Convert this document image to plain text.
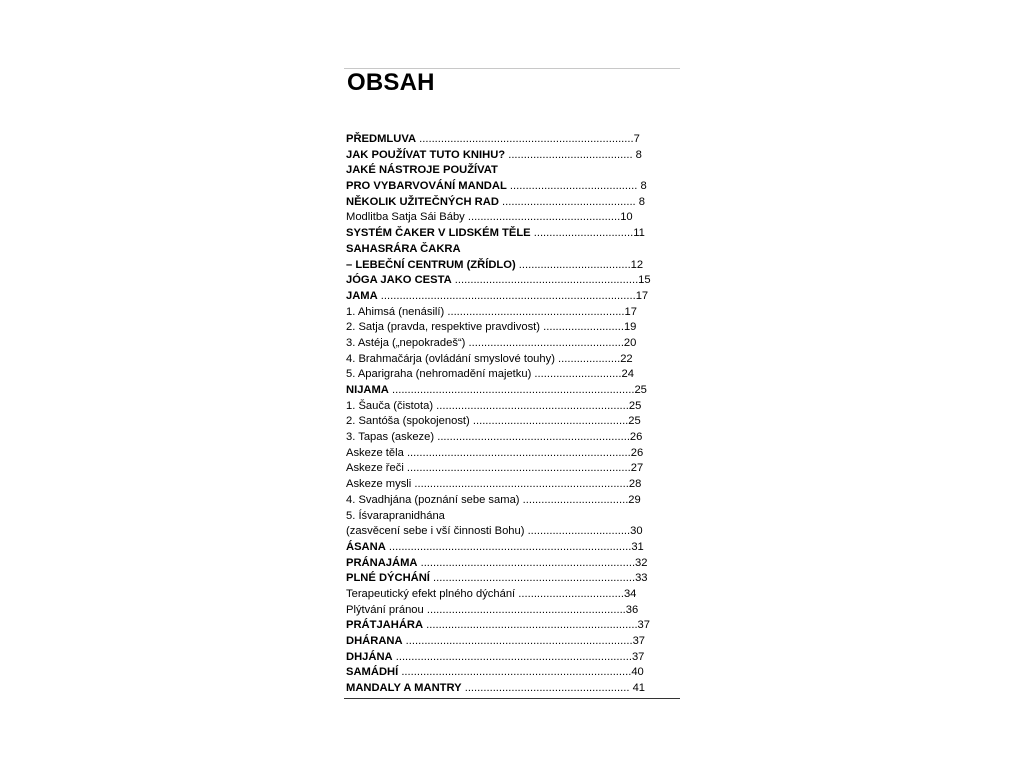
OBSAH
PŘEDMLUVA .....................................................................7
JAK POUŽÍVAT TUTO KNIHU? ........................................ 8
JAKÉ NÁSTROJE POUŽÍVAT
PRO VYBARVOVÁNÍ MANDAL ......................................... 8
NĚKOLIK UŽITEČNÝCH RAD ........................................... 8
Modlitba Satja Sái Báby .................................................10
SYSTÉM ČAKER V LIDSKÉM TĚLE ................................11
SAHASRÁRA ČAKRA
– LEBEČNÍ CENTRUM (ZŘÍDLO) ....................................12
JÓGA JAKO CESTA ...........................................................15
JAMA ..................................................................................17
1. Ahimsá (nenásilí) .........................................................17
2. Satja (pravda, respektive pravdivost) ..........................19
3. Astéja („nepokradeš“) ..................................................20
4. Brahmačárja (ovládání smyslové touhy) ....................22
5. Aparigraha (nehromadění majetku) ............................24
NIJAMA ..............................................................................25
1. Šauča (čistota) ..............................................................25
2. Santóša (spokojenost) ..................................................25
3. Tapas (askeze) ..............................................................26
Askeze těla ........................................................................26
Askeze řeči ........................................................................27
Askeze mysli .....................................................................28
4. Svadhjána (poznání sebe sama) ..................................29
5. Íśvarapranidhána
(zasvěcení sebe i vší činnosti Bohu) .................................30
ÁSANA ..............................................................................31
PRÁNAJÁMA .....................................................................32
PLNÉ DÝCHÁNÍ .................................................................33
Terapeutický efekt plného dýchání ..................................34
Plýtvání pránou ................................................................36
PRÁTJAHÁRA ....................................................................37
DHÁRANA .........................................................................37
DHJÁNA ............................................................................37
SAMÁDHÍ ..........................................................................40
MANDALY A MANTRY ..................................................... 41
